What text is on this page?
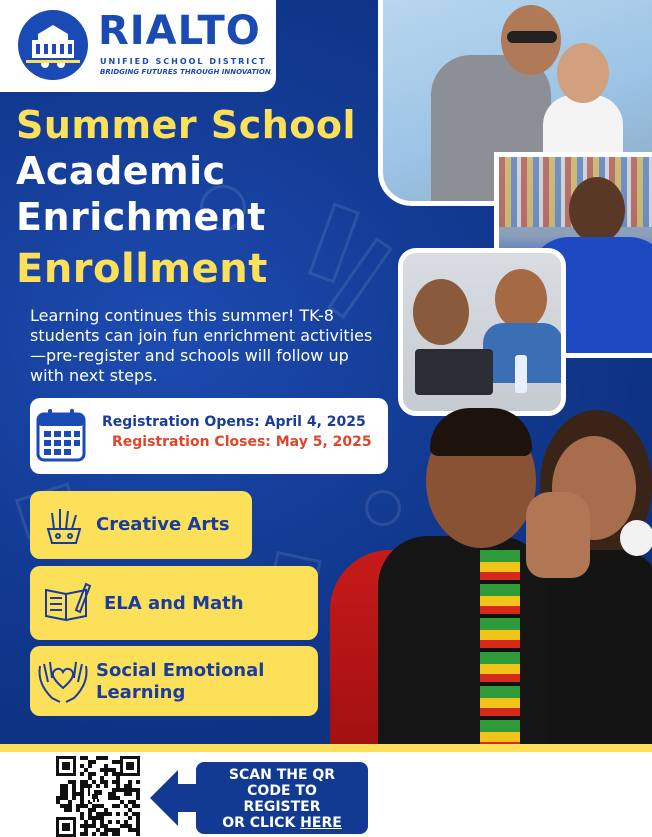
RIALTO
UNIFIED SCHOOL DISTRICT
BRIDGING FUTURES THROUGH INNOVATION
Summer School
Academic
Enrichment
Enrollment
Learning continues this summer! TK-8 students can join fun enrichment activities—pre-register and schools will follow up with next steps.
Registration Opens: April 4, 2025
Registration Closes: May 5, 2025
Creative Arts
ELA and Math
Social Emotional Learning
SCAN THE QR
CODE TO
REGISTER
OR CLICK HERE
